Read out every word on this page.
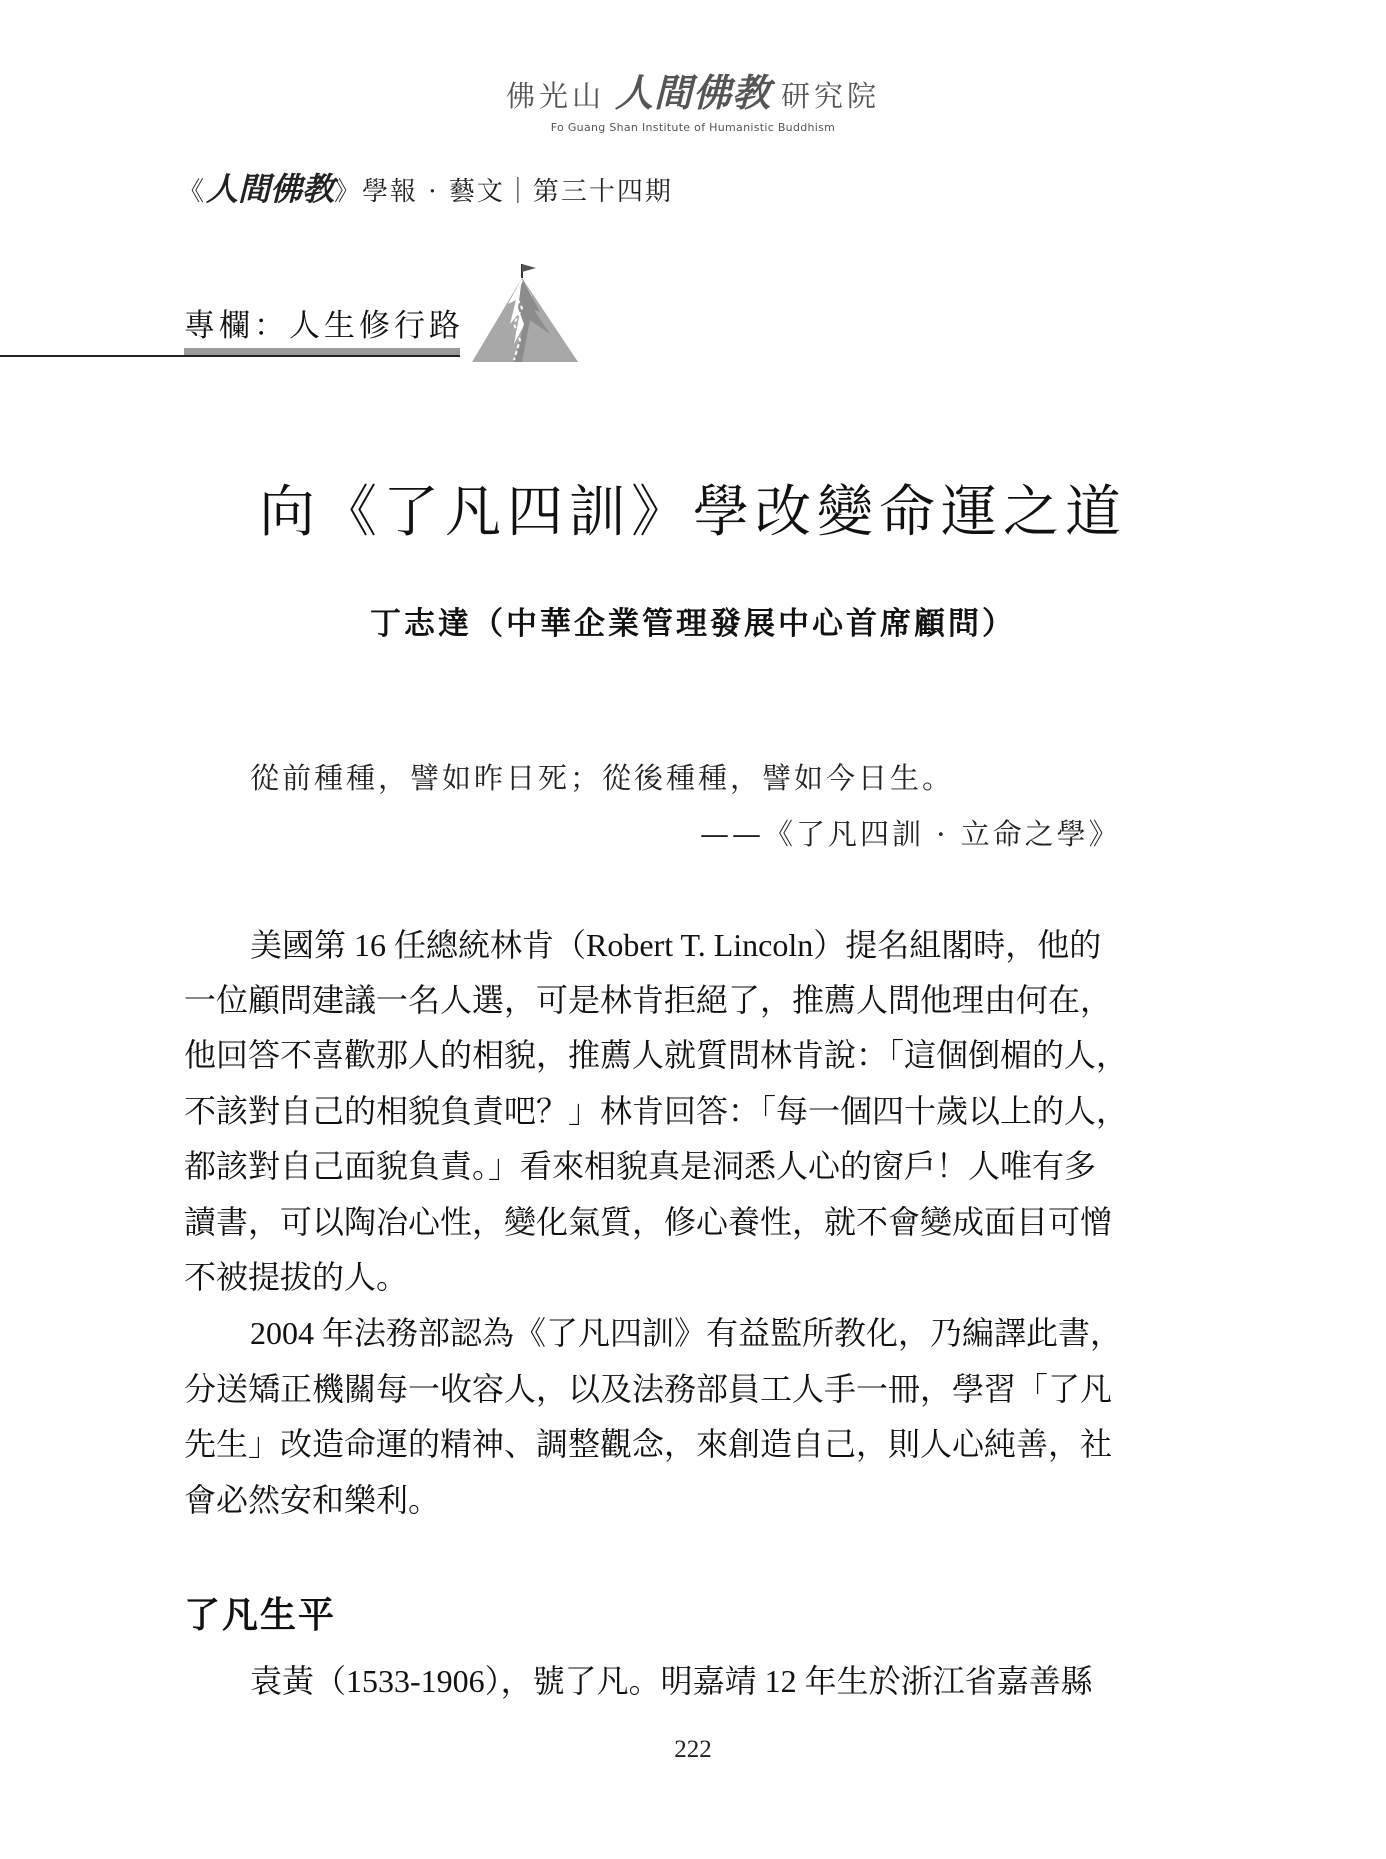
佛光山 人間佛教 研究院
Fo Guang Shan Institute of Humanistic Buddhism
《 人間佛教 》學報 · 藝文｜第三十四期
專欄：人生修行路
向《了凡四訓》學改變命運之道
丁志達（中華企業管理發展中心首席顧問）
從前種種，譬如昨日死；從後種種，譬如今日生。
——《了凡四訓 · 立命之學》
美國第 16 任總統林肯（Robert T. Lincoln）提名組閣時，他的
一位顧問建議一名人選，可是林肯拒絕了，推薦人問他理由何在，
他回答不喜歡那人的相貌，推薦人就質問林肯說：「這個倒楣的人，
不該對自己的相貌負責吧？」林肯回答：「每一個四十歲以上的人，
都該對自己面貌負責。」看來相貌真是洞悉人心的窗戶！人唯有多
讀書，可以陶冶心性，變化氣質，修心養性，就不會變成面目可憎
不被提拔的人。
2004 年法務部認為《了凡四訓》有益監所教化，乃編譯此書，
分送矯正機關每一收容人，以及法務部員工人手一冊，學習「了凡
先生」改造命運的精神、調整觀念，來創造自己，則人心純善，社
會必然安和樂利。
了凡生平
袁黃（1533-1906），號了凡。明嘉靖 12 年生於浙江省嘉善縣
222
